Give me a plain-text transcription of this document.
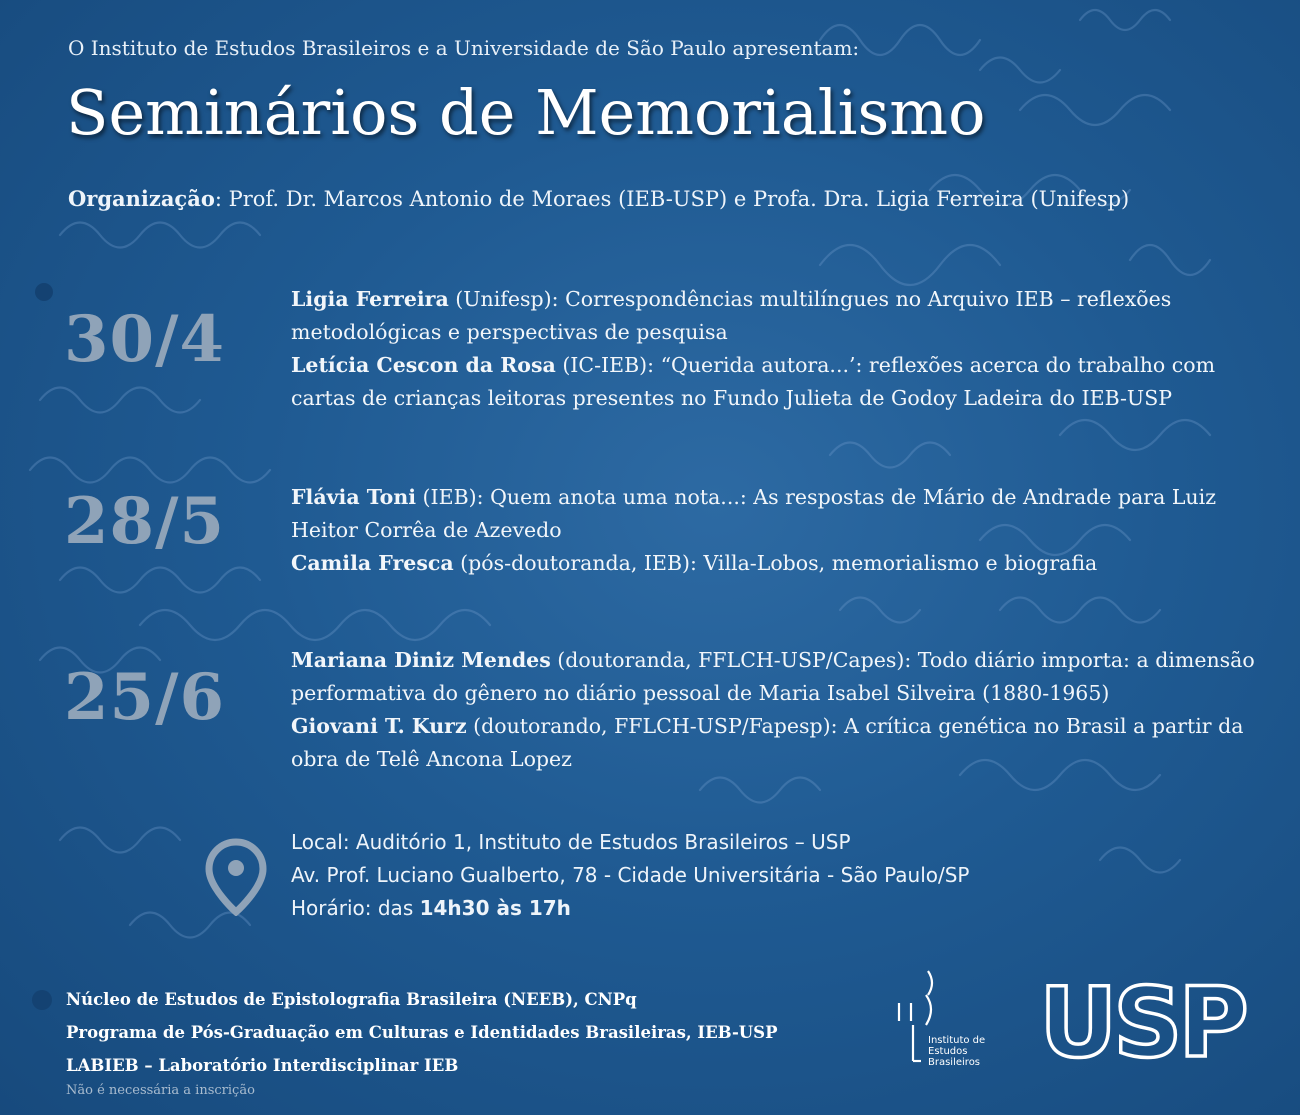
O Instituto de Estudos Brasileiros e a Universidade de São Paulo apresentam:
Seminários de Memorialismo
Organização: Prof. Dr. Marcos Antonio de Moraes (IEB-USP) e Profa. Dra. Ligia Ferreira (Unifesp)
30/4

Ligia Ferreira (Unifesp): Correspondências multilíngues no Arquivo IEB – reflexões metodológicas e perspectivas de pesquisa

Letícia Cescon da Rosa (IC-IEB): “Querida autora...’: reflexões acerca do trabalho com cartas de crianças leitoras presentes no Fundo Julieta de Godoy Ladeira do IEB-USP

28/5	Flávia Toni (IEB): Quem anota uma nota...: As respostas de Mário de Andrade para Luiz Heitor Corrêa de Azevedo

Camila Fresca (pós-doutoranda, IEB): Villa-Lobos, memorialismo e biografia

25/6	Mariana Diniz Mendes (doutoranda, FFLCH-USP/Capes): Todo diário importa: a dimensão performativa do gênero no diário pessoal de Maria Isabel Silveira (1880-1965)

Giovani T. Kurz (doutorando, FFLCH-USP/Fapesp): A crítica genética no Brasil a partir da obra de Telê Ancona Lopez

Local: Auditório 1, Instituto de Estudos Brasileiros – USP

Av. Prof. Luciano Gualberto, 78 - Cidade Universitária - São Paulo/SP

Horário: das 14h30 às 17h

Núcleo de Estudos de Epistolografia Brasileira (NEEB), CNPq

Programa de Pós-Graduação em Culturas e Identidades Brasileiras, IEB-USP

LABIEB – Laboratório Interdisciplinar IEB

Não é necessária a inscrição

Instituto de

Estudos

Brasileiros USP
